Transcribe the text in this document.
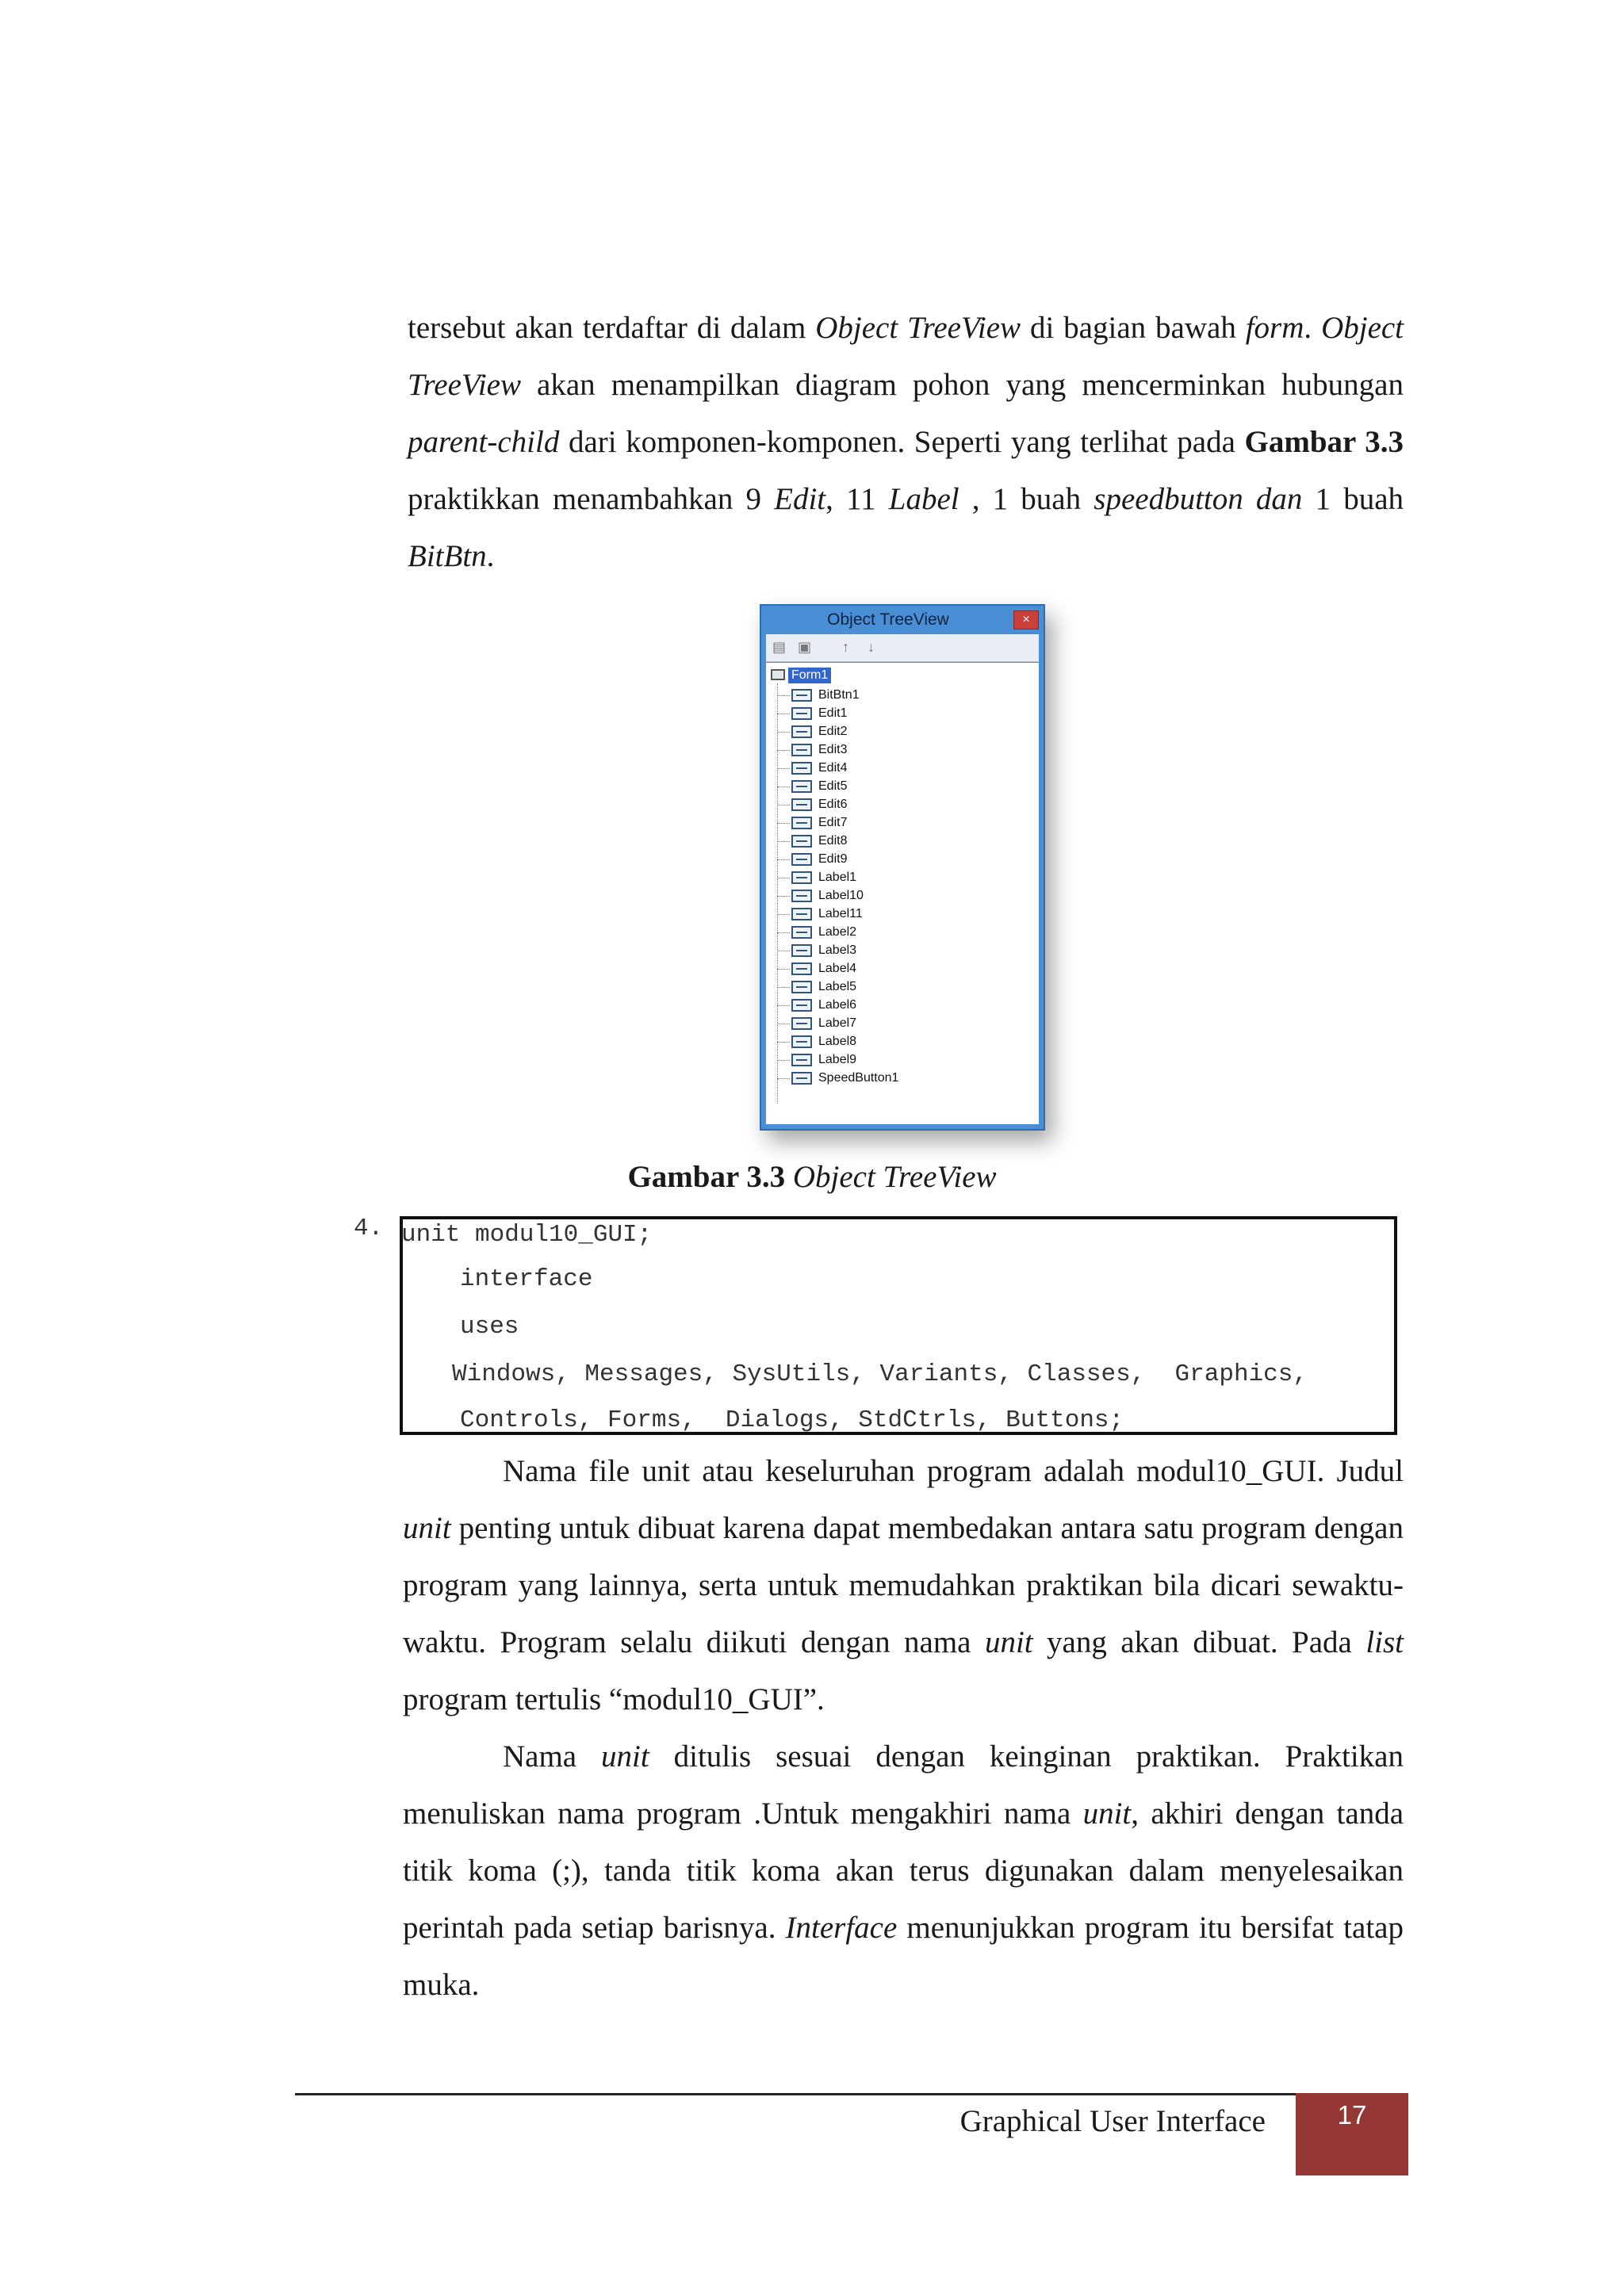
tersebut akan terdaftar di dalam Object TreeView di bagian bawah form. Object TreeView akan menampilkan diagram pohon yang mencerminkan hubungan parent-child dari komponen-komponen. Seperti yang terlihat pada Gambar 3.3 praktikkan menambahkan 9 Edit, 11 Label , 1 buah speedbutton dan 1 buah BitBtn.

Object TreeView	×
▤ ▣ ↑ ↓
Form1
BitBtn1
Edit1
Edit2
Edit3
Edit4
Edit5
Edit6
Edit7
Edit8
Edit9
Label1
Label10
Label11
Label2
Label3
Label4
Label5
Label6
Label7
Label8
Label9
SpeedButton1

Gambar 3.3 Object TreeView

4. unit modul10_GUI;
interface
uses
Windows, Messages, SysUtils, Variants, Classes,  Graphics,
Controls, Forms,  Dialogs, StdCtrls, Buttons;

Nama file unit atau keseluruhan program adalah modul10_GUI. Judul unit penting untuk dibuat karena dapat membedakan antara satu program dengan program yang lainnya, serta untuk memudahkan praktikan bila dicari sewaktu-waktu. Program selalu diikuti dengan nama unit yang akan dibuat. Pada list program tertulis “modul10_GUI”.

Nama unit ditulis sesuai dengan keinginan praktikan. Praktikan menuliskan nama program .Untuk mengakhiri nama unit, akhiri dengan tanda titik koma (;), tanda titik koma akan terus digunakan dalam menyelesaikan perintah pada setiap barisnya. Interface menunjukkan program itu bersifat tatap muka.

Graphical User Interface	17
